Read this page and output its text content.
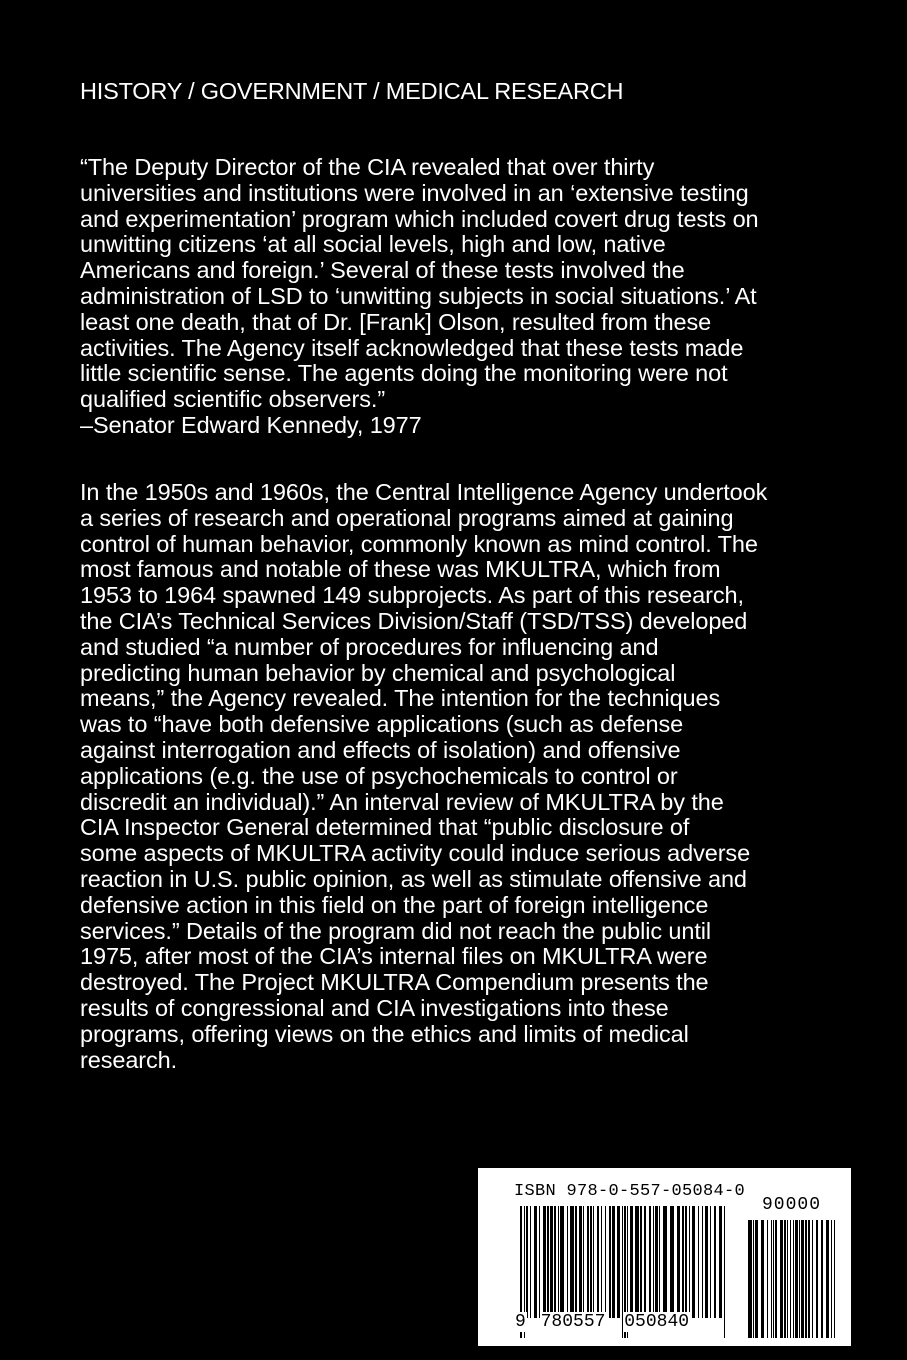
HISTORY / GOVERNMENT / MEDICAL RESEARCH
“The Deputy Director of the CIA revealed that over thirty
universities and institutions were involved in an ‘extensive testing
and experimentation’ program which included covert drug tests on
unwitting citizens ‘at all social levels, high and low, native
Americans and foreign.’ Several of these tests involved the
administration of LSD to ‘unwitting subjects in social situations.’ At
least one death, that of Dr. [Frank] Olson, resulted from these
activities. The Agency itself acknowledged that these tests made
little scientific sense. The agents doing the monitoring were not
qualified scientific observers.”
–Senator Edward Kennedy, 1977
In the 1950s and 1960s, the Central Intelligence Agency undertook
a series of research and operational programs aimed at gaining
control of human behavior, commonly known as mind control. The
most famous and notable of these was MKULTRA, which from
1953 to 1964 spawned 149 subprojects. As part of this research,
the CIA’s Technical Services Division/Staff (TSD/TSS) developed
and studied “a number of procedures for influencing and
predicting human behavior by chemical and psychological
means,” the Agency revealed. The intention for the techniques
was to “have both defensive applications (such as defense
against interrogation and effects of isolation) and offensive
applications (e.g. the use of psychochemicals to control or
discredit an individual).” An interval review of MKULTRA by the
CIA Inspector General determined that “public disclosure of
some aspects of MKULTRA activity could induce serious adverse
reaction in U.S. public opinion, as well as stimulate offensive and
defensive action in this field on the part of foreign intelligence
services.” Details of the program did not reach the public until
1975, after most of the CIA’s internal files on MKULTRA were
destroyed. The Project MKULTRA Compendium presents the
results of congressional and CIA investigations into these
programs, offering views on the ethics and limits of medical
research.
ISBN 978-0-557-05084-0
90000
9 780557 050840
